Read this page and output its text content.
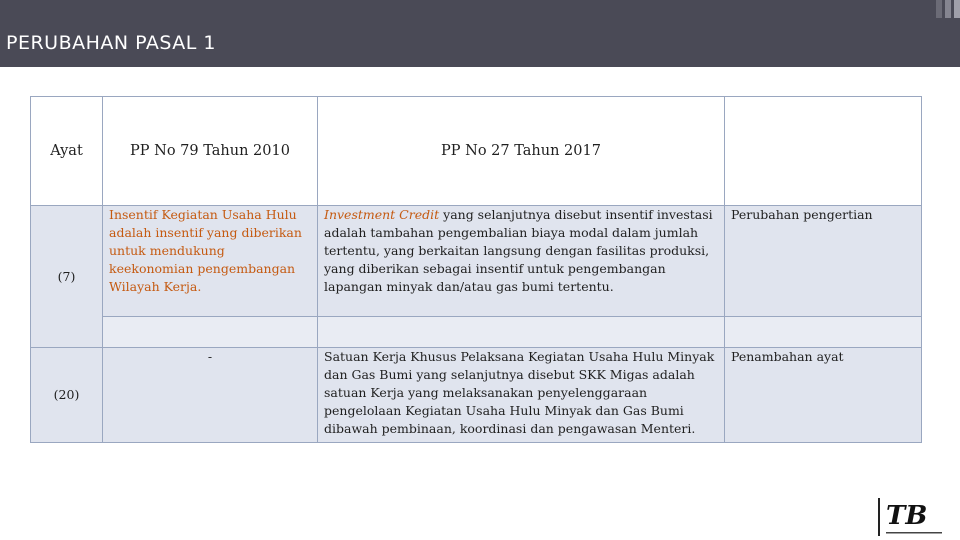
PERUBAHAN PASAL 1
Ayat	PP No 79 Tahun 2010	PP No 27 Tahun 2017	
(7)	Insentif Kegiatan Usaha Hulu adalah insentif yang diberikan untuk mendukung keekonomian pengembangan Wilayah Kerja.	Investment Credit yang selanjutnya disebut insentif investasi adalah tambahan pengembalian biaya modal dalam jumlah tertentu, yang berkaitan langsung dengan fasilitas produksi, yang diberikan sebagai insentif untuk pengembangan lapangan minyak dan/atau gas bumi tertentu.	Perubahan pengertian

(20)	-	Satuan Kerja Khusus Pelaksana Kegiatan Usaha Hulu Minyak dan Gas Bumi yang selanjutnya disebut SKK Migas adalah satuan Kerja yang melaksanakan penyelenggaraan pengelolaan Kegiatan Usaha Hulu Minyak dan Gas Bumi dibawah pembinaan, koordinasi dan pengawasan Menteri.	Penambahan ayat
TB
